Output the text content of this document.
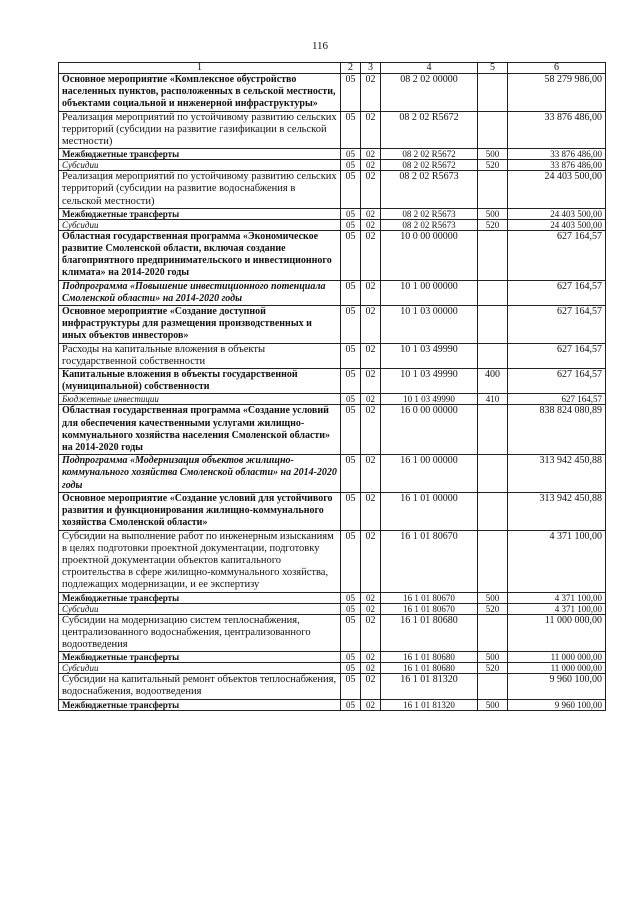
116
1	2	3	4	5	6
Основное мероприятие «Комплексное обустройство населенных пунктов, расположенных в сельской местности, объектами социальной и инженерной инфраструктуры»	05	02	08 2 02 00000		58 279 986,00
Реализация мероприятий по устойчивому развитию сельских территорий (субсидии на развитие газификации в сельской местности)	05	02	08 2 02 R5672		33 876 486,00
Межбюджетные трансферты	05	02	08 2 02 R5672	500	33 876 486,00
Субсидии	05	02	08 2 02 R5672	520	33 876 486,00
Реализация мероприятий по устойчивому развитию сельских территорий (субсидии на развитие водоснабжения в сельской местности)	05	02	08 2 02 R5673		24 403 500,00
Межбюджетные трансферты	05	02	08 2 02 R5673	500	24 403 500,00
Субсидии	05	02	08 2 02 R5673	520	24 403 500,00
Областная государственная программа «Экономическое развитие Смоленской области, включая создание благоприятного предпринимательского и инвестиционного климата» на 2014-2020 годы	05	02	10 0 00 00000		627 164,57
Подпрограмма «Повышение инвестиционного потенциала Смоленской области» на 2014-2020 годы	05	02	10 1 00 00000		627 164,57
Основное мероприятие «Создание доступной инфраструктуры для размещения производственных и иных объектов инвесторов»	05	02	10 1 03 00000		627 164,57
Расходы на капитальные вложения в объекты государственной собственности	05	02	10 1 03 49990		627 164,57
Капитальные вложения в объекты государственной (муниципальной) собственности	05	02	10 1 03 49990	400	627 164,57
Бюджетные инвестиции	05	02	10 1 03 49990	410	627 164,57
Областная государственная программа «Создание условий для обеспечения качественными услугами жилищно-коммунального хозяйства населения Смоленской области» на 2014-2020 годы	05	02	16 0 00 00000		838 824 080,89
Подпрограмма «Модернизация объектов жилищно-коммунального хозяйства Смоленской области» на 2014-2020 годы	05	02	16 1 00 00000		313 942 450,88
Основное мероприятие «Создание условий для устойчивого развития и функционирования жилищно-коммунального хозяйства Смоленской области»	05	02	16 1 01 00000		313 942 450,88
Субсидии на выполнение работ по инженерным изысканиям в целях подготовки проектной документации, подготовку проектной документации объектов капитального строительства в сфере жилищно-коммунального хозяйства, подлежащих модернизации, и ее экспертизу	05	02	16 1 01 80670		4 371 100,00
Межбюджетные трансферты	05	02	16 1 01 80670	500	4 371 100,00
Субсидии	05	02	16 1 01 80670	520	4 371 100,00
Субсидии на модернизацию систем теплоснабжения, централизованного водоснабжения, централизованного водоотведения	05	02	16 1 01 80680		11 000 000,00
Межбюджетные трансферты	05	02	16 1 01 80680	500	11 000 000,00
Субсидии	05	02	16 1 01 80680	520	11 000 000,00
Субсидии на капитальный ремонт объектов теплоснабжения, водоснабжения, водоотведения	05	02	16 1 01 81320		9 960 100,00
Межбюджетные трансферты	05	02	16 1 01 81320	500	9 960 100,00
